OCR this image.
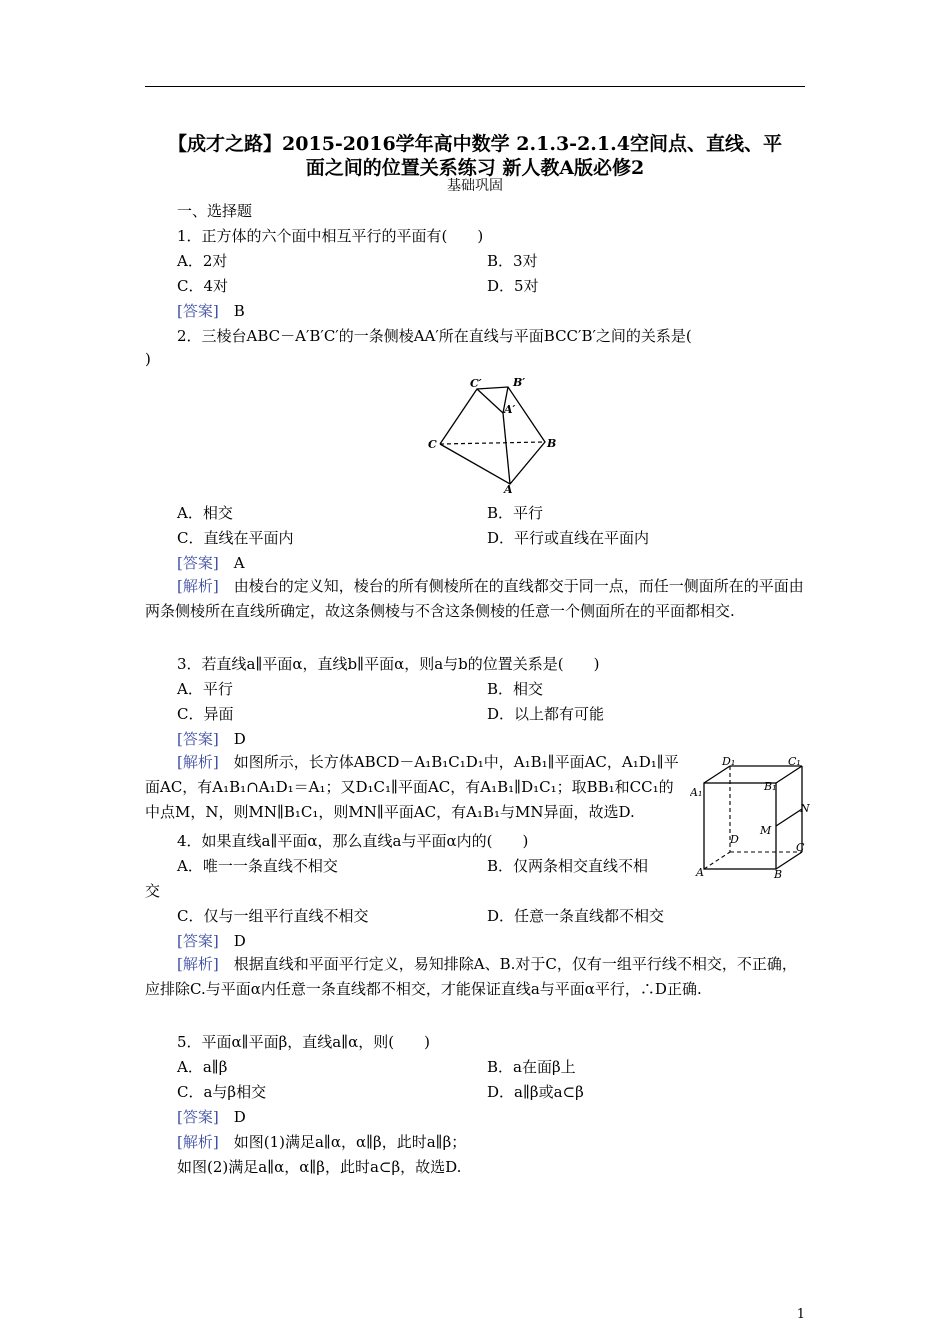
【成才之路】2015-2016学年高中数学 2.1.3-2.1.4空间点、直线、平
面之间的位置关系练习 新人教A版必修2
基础巩固
一、选择题
1．正方体的六个面中相互平行的平面有(　　)
A．2对	B．3对
C．4对	D．5对
[答案]　 B
2．三棱台ABC－A′B′C′的一条侧棱AA′所在直线与平面BCC′B′之间的关系是(
)
C′	B′
A′
C	B
A
A．相交	B．平行
C．直线在平面内	D．平行或直线在平面内
[答案]　 A
[解析]　 由棱台的定义知，棱台的所有侧棱所在的直线都交于同一点，而任一侧面所在的平面由两条侧棱所在直线所确定，故这条侧棱与不含这条侧棱的任意一个侧面所在的平面都相交.
3．若直线a∥平面α，直线b∥平面α，则a与b的位置关系是(　　)
A．平行	B．相交
C．异面	D．以上都有可能
[答案]　 D
[解析]　 如图所示，长方体ABCD－A₁B₁C₁D₁中，A₁B₁∥平面AC，A₁D₁∥平面AC，有A₁B₁∩A₁D₁＝A₁；又D₁C₁∥平面AC，有A₁B₁∥D₁C₁；取BB₁和CC₁的中点M，N，则MN∥B₁C₁，则MN∥平面AC，有A₁B₁与MN异面，故选D.
D₁	C₁
B₁
A₁
N
M
D
C
A	B
4．如果直线a∥平面α，那么直线a与平面α内的(　　)
A．唯一一条直线不相交	B．仅两条相交直线不相
交
C．仅与一组平行直线不相交	D．任意一条直线都不相交
[答案]　 D
[解析]　 根据直线和平面平行定义，易知排除A、B.对于C，仅有一组平行线不相交，不正确，应排除C.与平面α内任意一条直线都不相交，才能保证直线a与平面α平行，∴D正确.
5．平面α∥平面β，直线a∥α，则(　　)
A．a∥β	B．a在面β上
C．a与β相交	D．a∥β或a⊂β
[答案]　 D
[解析]　 如图(1)满足a∥α，α∥β，此时a∥β；
如图(2)满足a∥α，α∥β，此时a⊂β，故选D.
1
